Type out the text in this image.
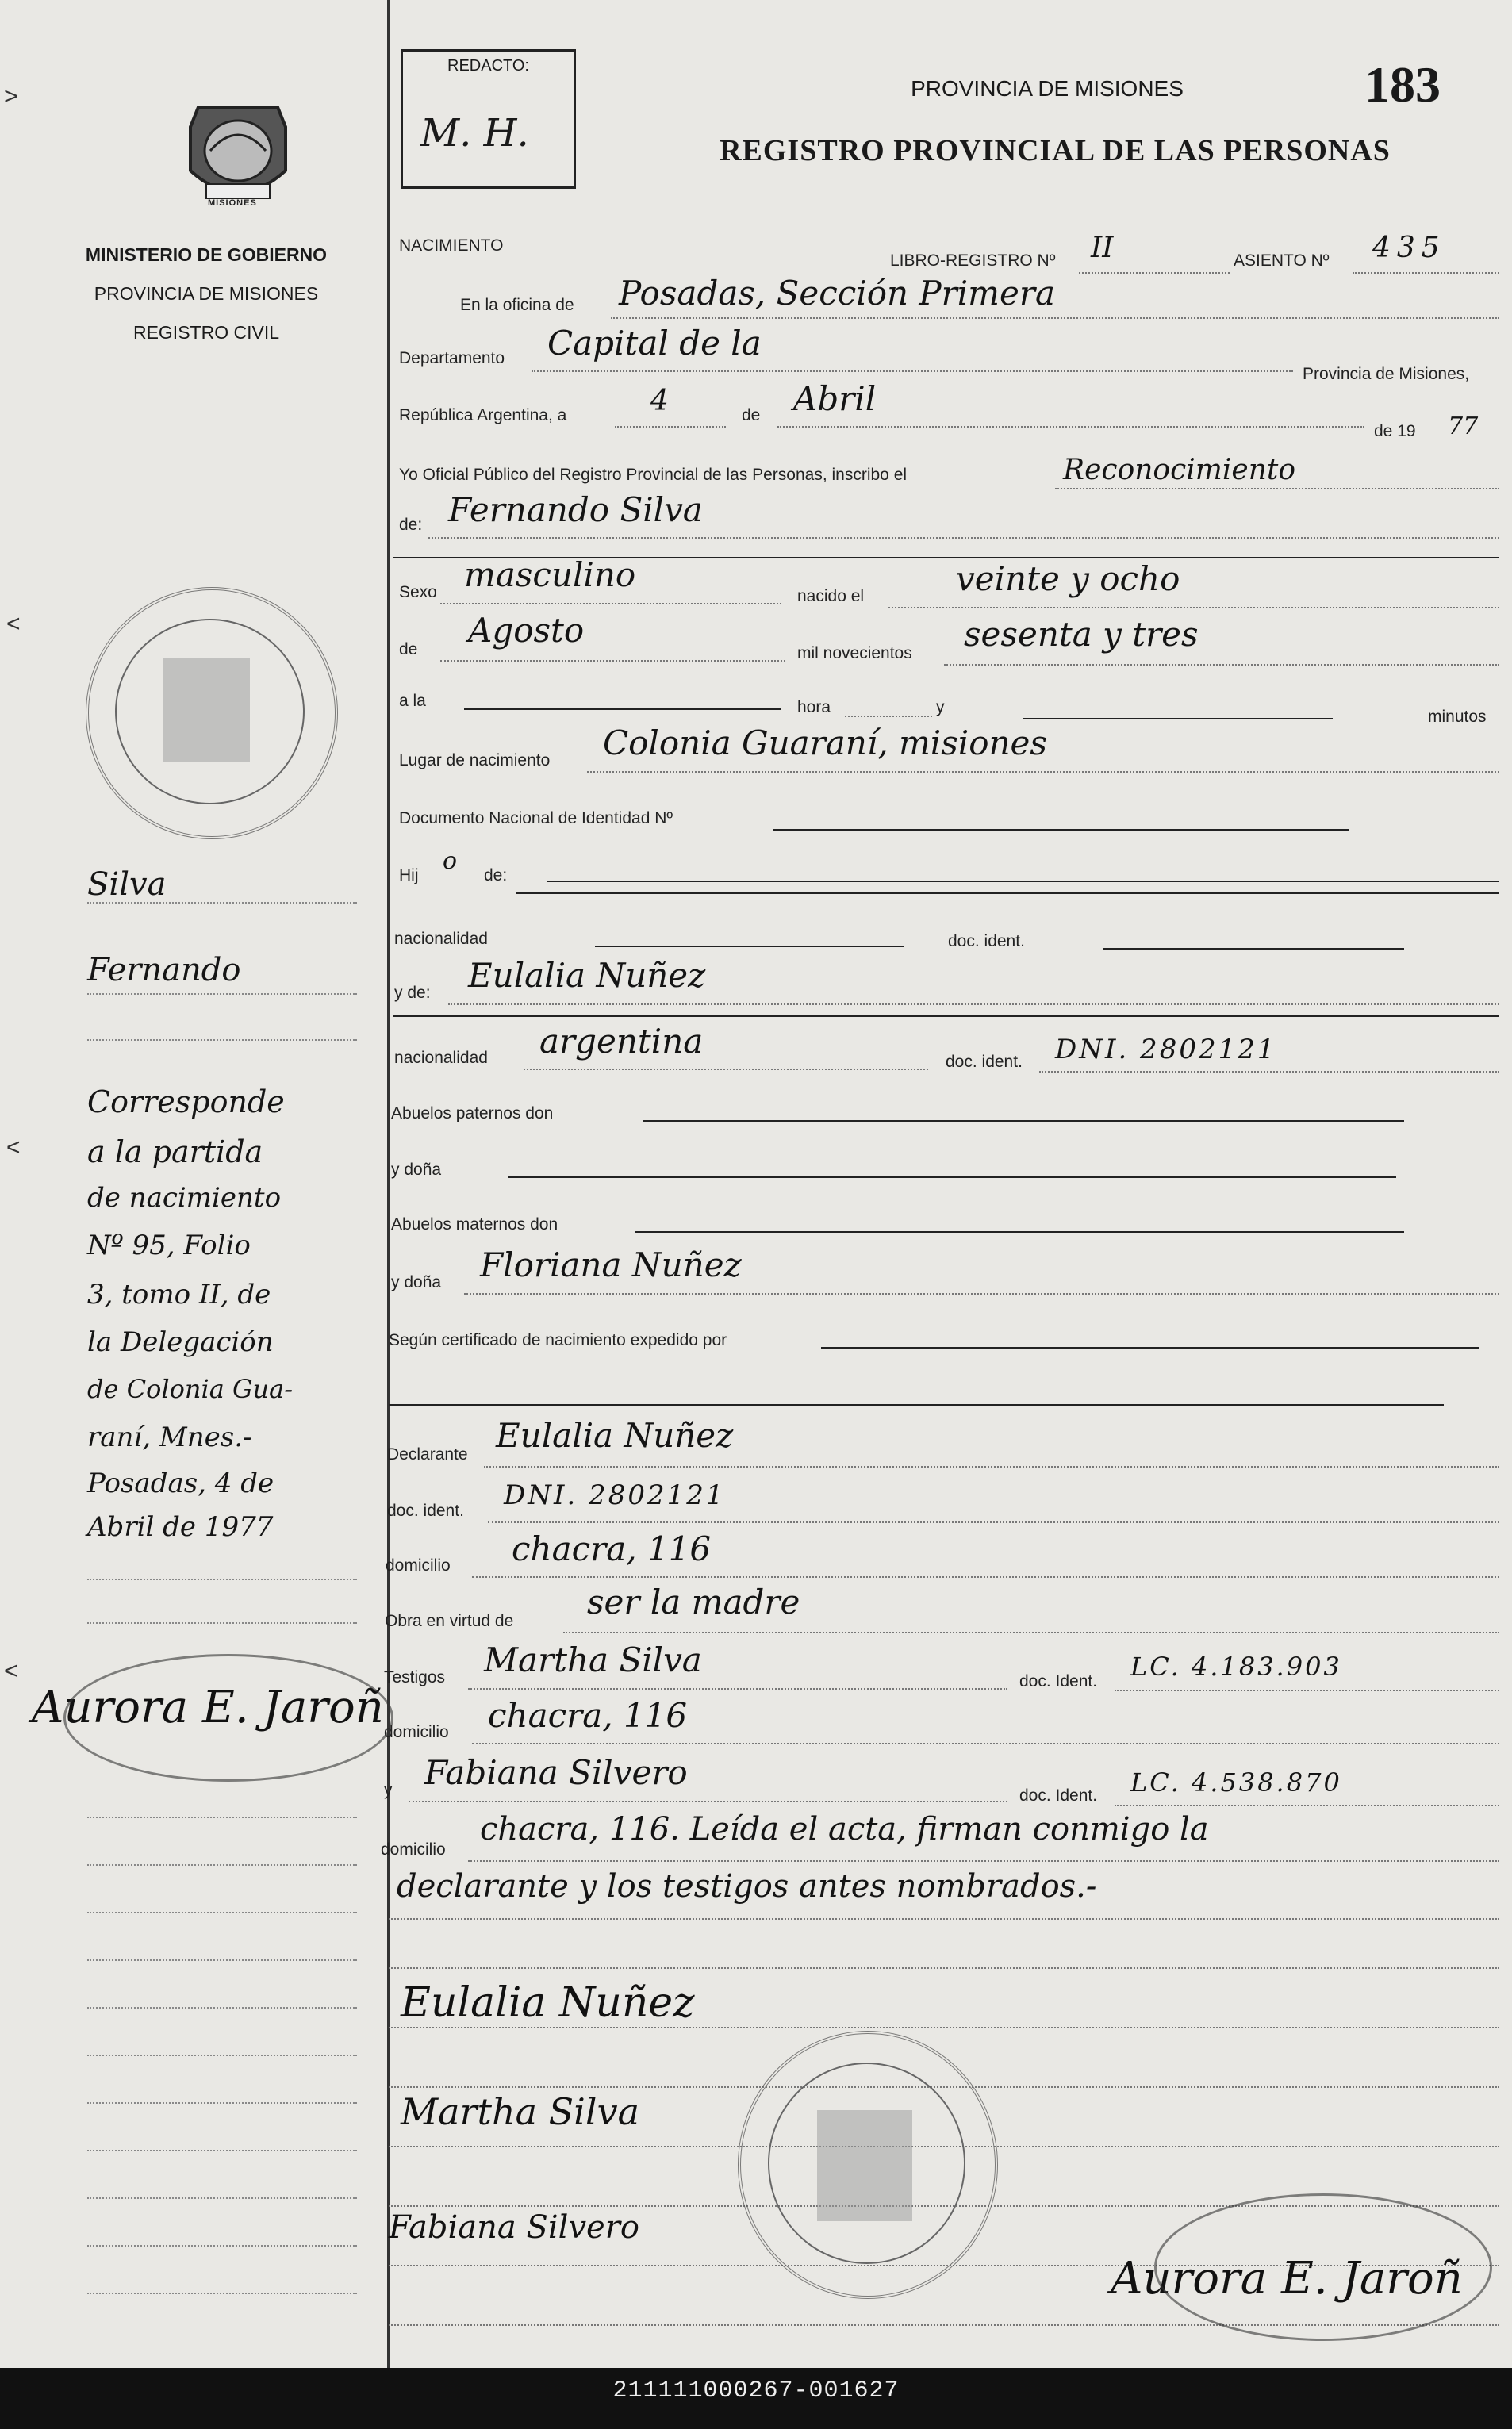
>
<
<
<
MISIONES
MINISTERIO DE GOBIERNO
PROVINCIA DE MISIONES
REGISTRO CIVIL
Silva
Fernando
Corresponde
a la partida
de nacimiento
Nº 95, Folio
3, tomo II, de
la Delegación
de Colonia Gua-
raní, Mnes.-
Posadas, 4 de
Abril de 1977
Aurora E. Jaroñ
REDACTO:
M. H.
PROVINCIA DE MISIONES
REGISTRO PROVINCIAL DE LAS PERSONAS
183
NACIMIENTO
LIBRO-REGISTRO Nº II	ASIENTO Nº 435
En la oficina de Posadas, Sección Primera
Departamento Capital de la
Provincia de Misiones,
República Argentina, a	4	de Abril
de 19 77
Yo Oficial Público del Registro Provincial de las Personas, inscribo el	Reconocimiento
de: Fernando Silva
Sexo masculino
nacido el	veinte y ocho
de Agosto
mil novecientos sesenta y tres
a la	hora	y
minutos
Lugar de nacimiento Colonia Guaraní, misiones
Documento Nacional de Identidad Nº
Hij
o
de:
nacionalidad	doc. ident.
y de: Eulalia Nuñez
nacionalidad argentina
doc. ident. DNI. 2802121
Abuelos paternos don
y doña
Abuelos maternos don
y doña Floriana Nuñez
Según certificado de nacimiento expedido por
Declarante Eulalia Nuñez
doc. ident. DNI. 2802121
domicilio chacra, 116
Obra en virtud de ser la madre
Testigos Martha Silva
doc. Ident. LC. 4.183.903
domicilio chacra, 116
y Fabiana Silvero
doc. Ident. LC. 4.538.870
domicilio
chacra, 116. Leída el acta, firman conmigo la
declarante y los testigos antes nombrados.-
Eulalia Nuñez
Martha Silva
Fabiana Silvero
Aurora E. Jaroñ
211111000267-001627
